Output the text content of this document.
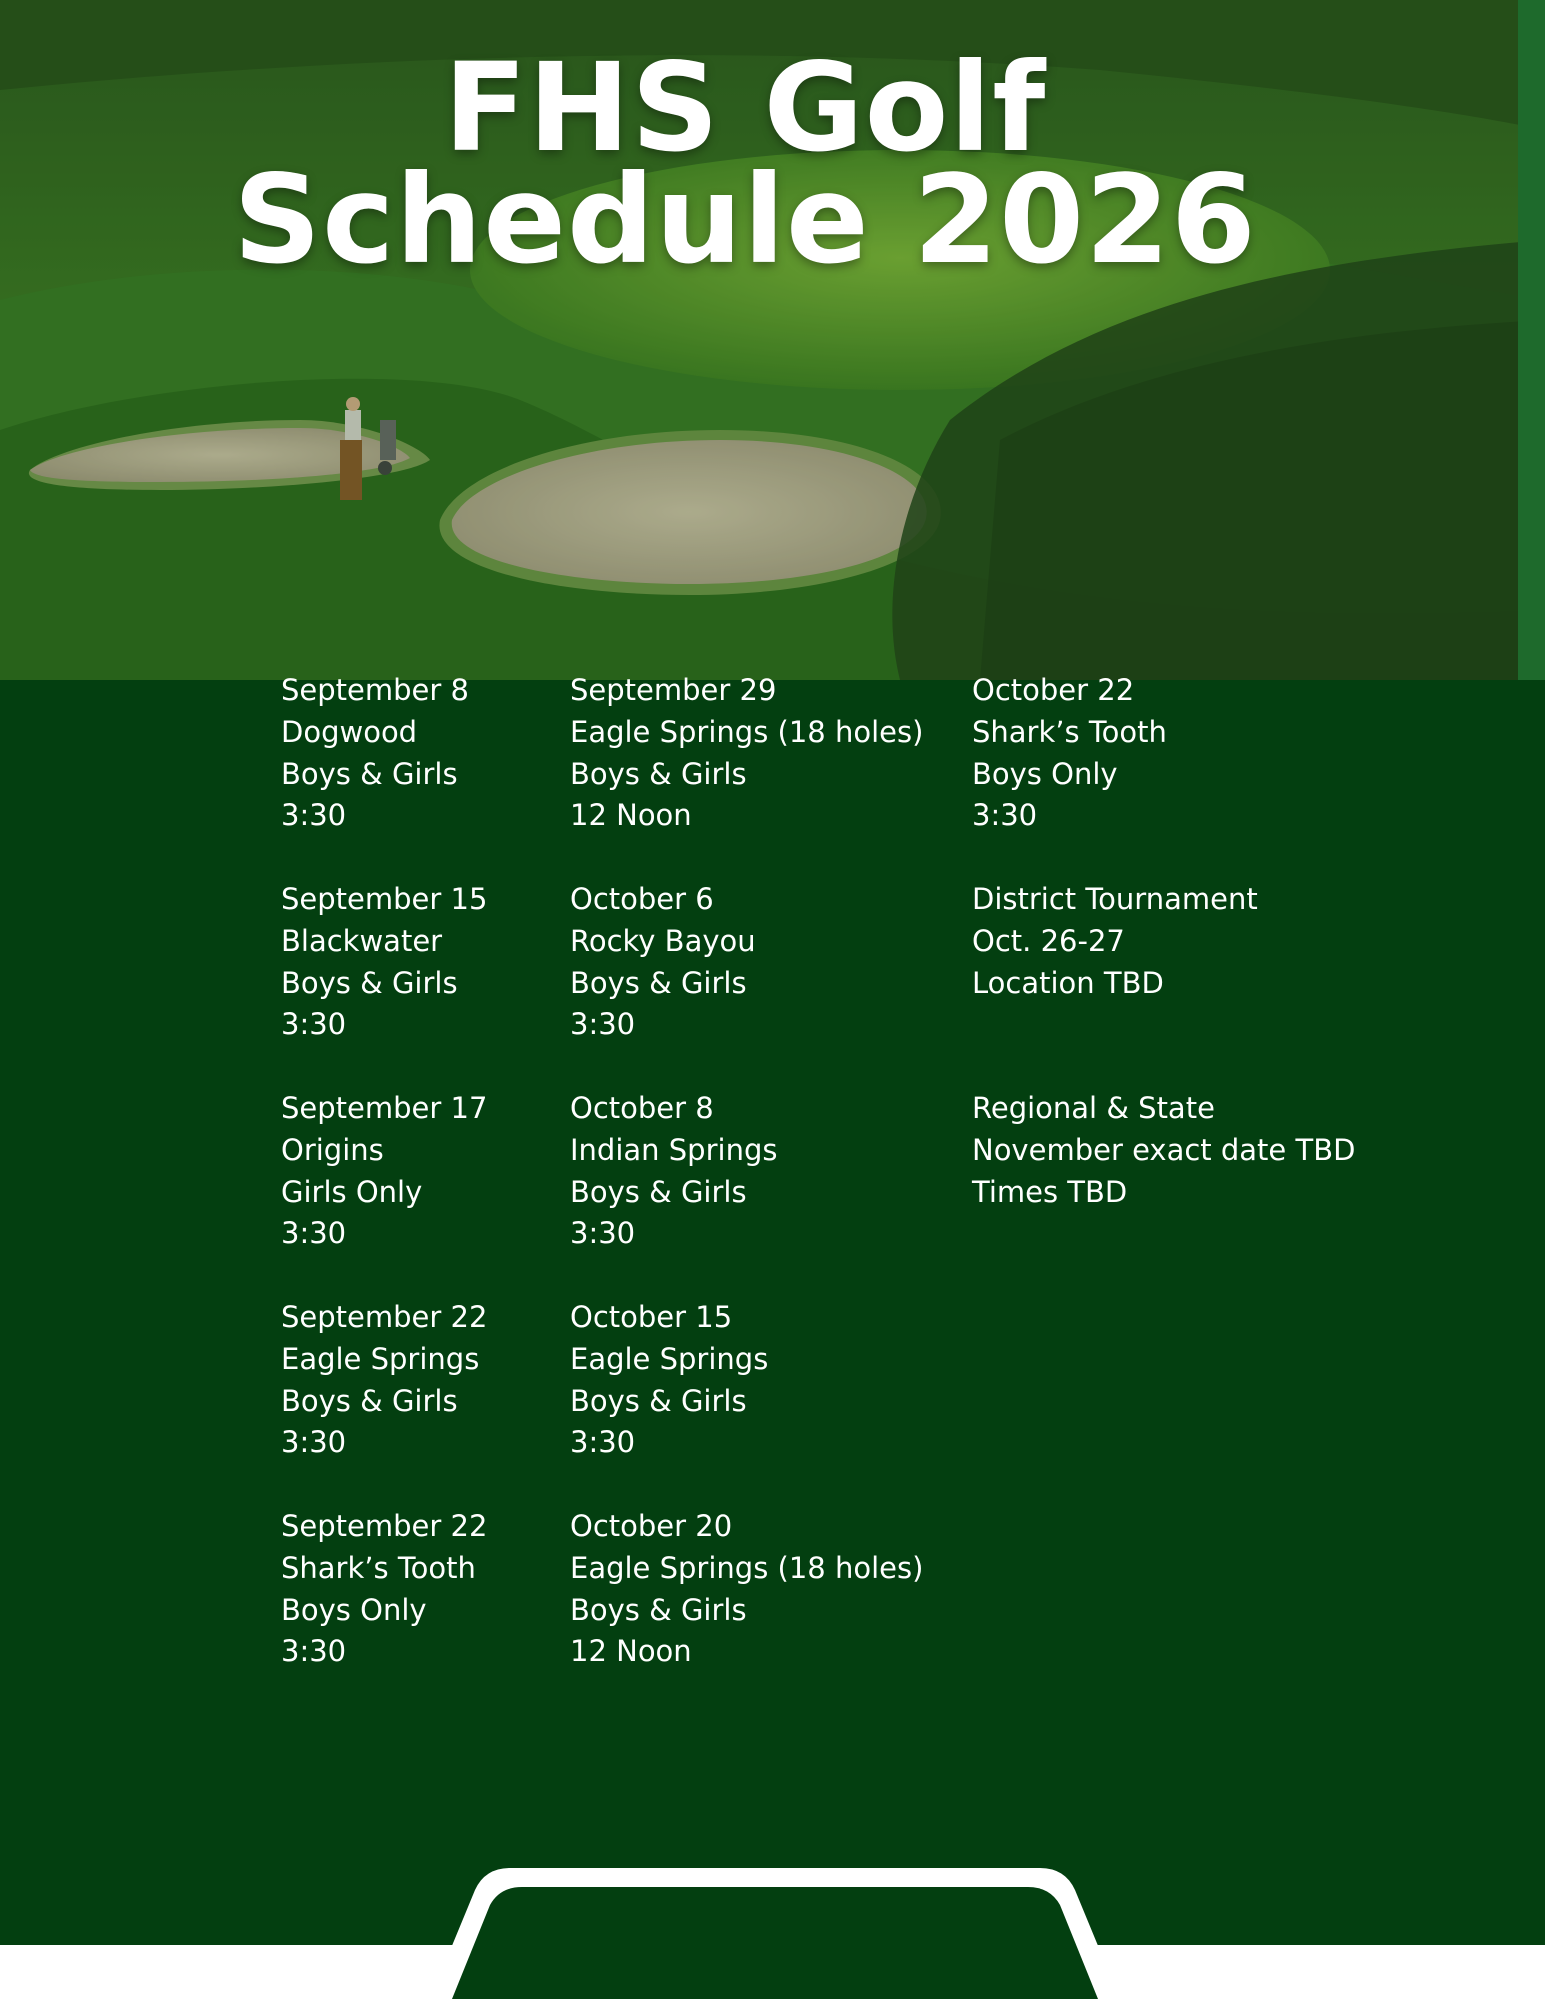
FHS Golf
Schedule 2026
September 8
Dogwood
Boys & Girls
3:30
September 15
Blackwater
Boys & Girls
3:30
September 17
Origins
Girls Only
3:30
September 22
Eagle Springs
Boys & Girls
3:30
September 22
Shark’s Tooth
Boys Only
3:30
September 29
Eagle Springs (18 holes)
Boys & Girls
12 Noon
October 6
Rocky Bayou
Boys & Girls
3:30
October 8
Indian Springs
Boys & Girls
3:30
October 15
Eagle Springs
Boys & Girls
3:30
October 20
Eagle Springs (18 holes)
Boys & Girls
12 Noon
October 22
Shark’s Tooth
Boys Only
3:30
District Tournament
Oct. 26-27
Location TBD
Regional & State
November exact date TBD
Times TBD
